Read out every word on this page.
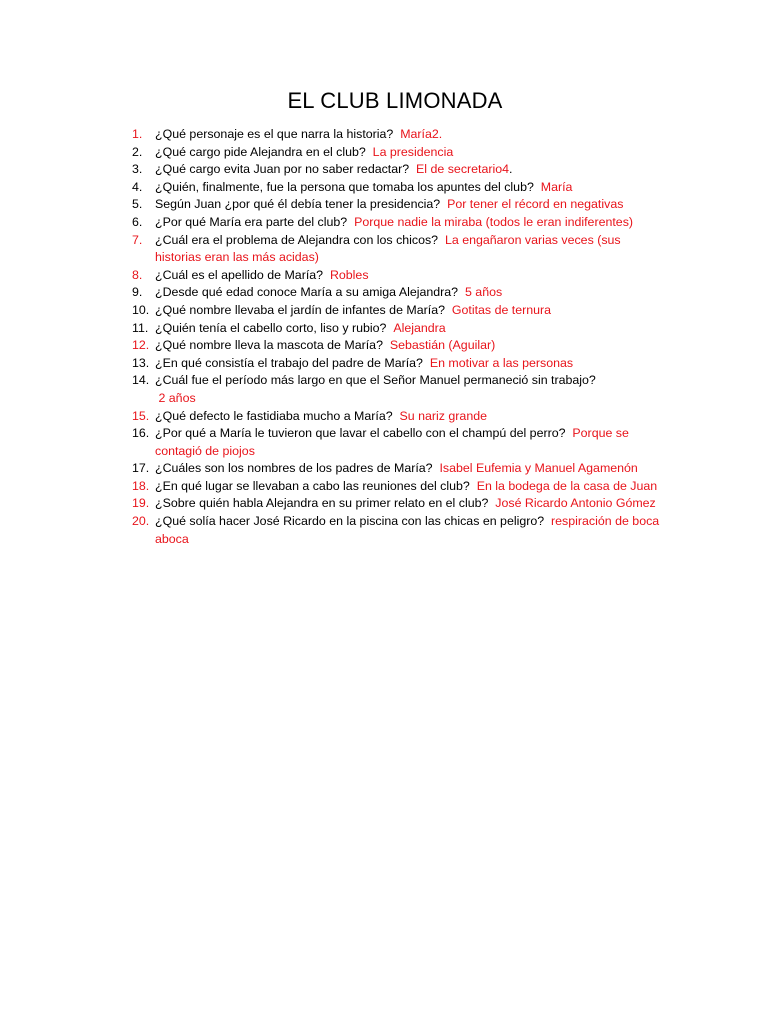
EL CLUB LIMONADA
1. ¿Qué personaje es el que narra la historia? María2.
2. ¿Qué cargo pide Alejandra en el club? La presidencia
3. ¿Qué cargo evita Juan por no saber redactar? El de secretario4.
4. ¿Quién, finalmente, fue la persona que tomaba los apuntes del club? María
5. Según Juan ¿por qué él debía tener la presidencia? Por tener el récord en negativas
6. ¿Por qué María era parte del club? Porque nadie la miraba (todos le eran indiferentes)
7. ¿Cuál era el problema de Alejandra con los chicos? La engañaron varias veces (sus historias eran las más acidas)
8. ¿Cuál es el apellido de María? Robles
9. ¿Desde qué edad conoce María a su amiga Alejandra? 5 años
10. ¿Qué nombre llevaba el jardín de infantes de María? Gotitas de ternura
11. ¿Quién tenía el cabello corto, liso y rubio? Alejandra
12. ¿Qué nombre lleva la mascota de María? Sebastián (Aguilar)
13. ¿En qué consistía el trabajo del padre de María? En motivar a las personas
14. ¿Cuál fue el período más largo en que el Señor Manuel permaneció sin trabajo?
2 años
15. ¿Qué defecto le fastidiaba mucho a María? Su nariz grande
16. ¿Por qué a María le tuvieron que lavar el cabello con el champú del perro? Porque se contagió de piojos
17. ¿Cuáles son los nombres de los padres de María? Isabel Eufemia y Manuel Agamenón
18. ¿En qué lugar se llevaban a cabo las reuniones del club? En la bodega de la casa de Juan
19. ¿Sobre quién habla Alejandra en su primer relato en el club? José Ricardo Antonio Gómez
20. ¿Qué solía hacer José Ricardo en la piscina con las chicas en peligro? respiración de boca aboca
